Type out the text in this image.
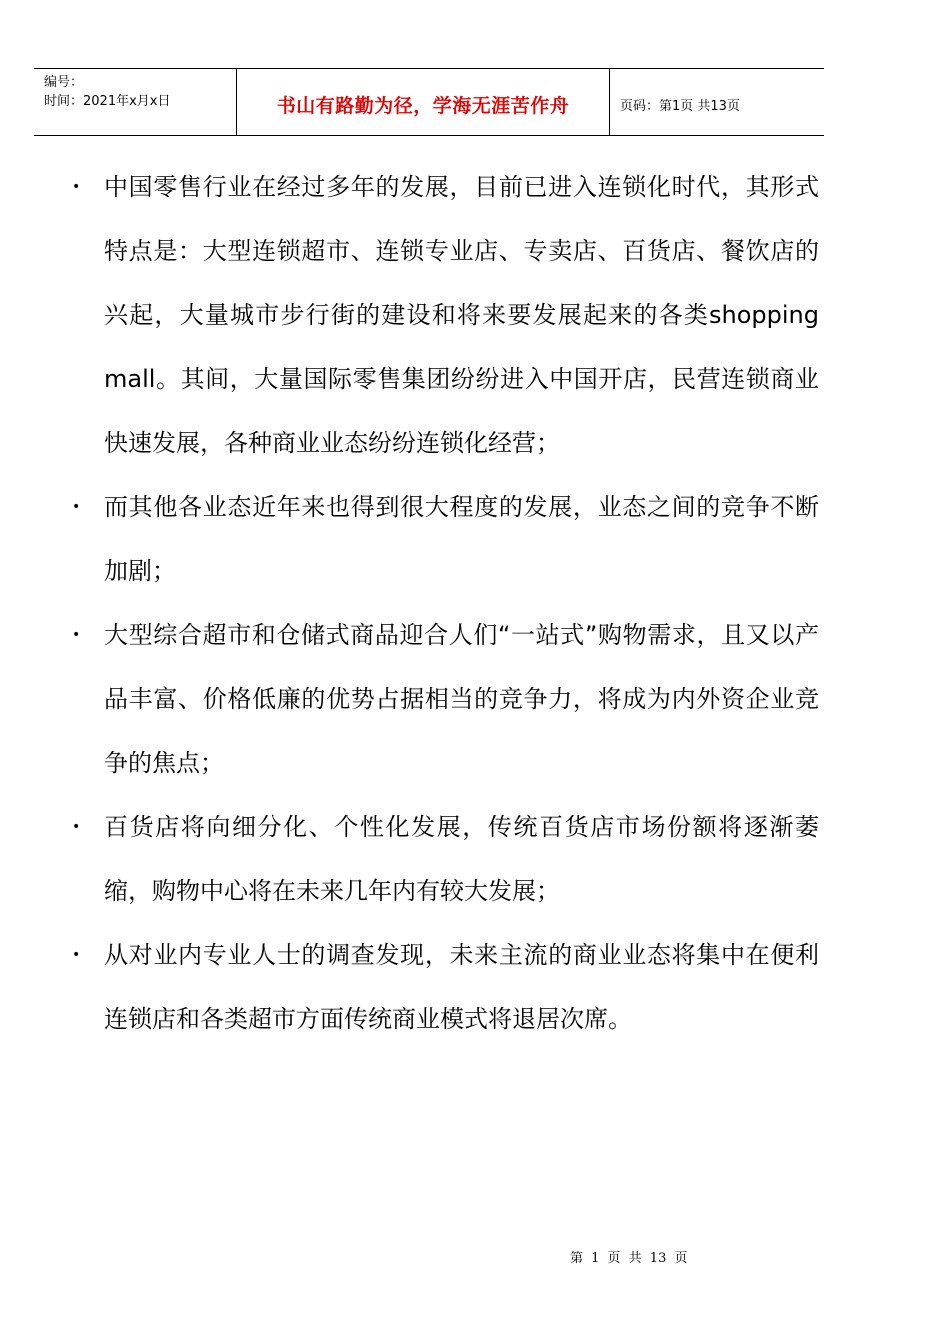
编号：
时间：2021年x月x日	书山有路勤为径，学海无涯苦作舟	页码：第1页 共13页
• 中国零售行业在经过多年的发展，目前已进入连锁化时代，其形式特点是：大型连锁超市、连锁专业店、专卖店、百货店、餐饮店的兴起，大量城市步行街的建设和将来要发展起来的各类shopping mall。其间，大量国际零售集团纷纷进入中国开店，民营连锁商业快速发展，各种商业业态纷纷连锁化经营；
• 而其他各业态近年来也得到很大程度的发展，业态之间的竞争不断加剧；
• 大型综合超市和仓储式商品迎合人们“一站式”购物需求，且又以产品丰富、价格低廉的优势占据相当的竞争力，将成为内外资企业竞争的焦点；
• 百货店将向细分化、个性化发展，传统百货店市场份额将逐渐萎缩，购物中心将在未来几年内有较大发展；
• 从对业内专业人士的调查发现，未来主流的商业业态将集中在便利连锁店和各类超市方面传统商业模式将退居次席。
第 1 页 共 13 页
